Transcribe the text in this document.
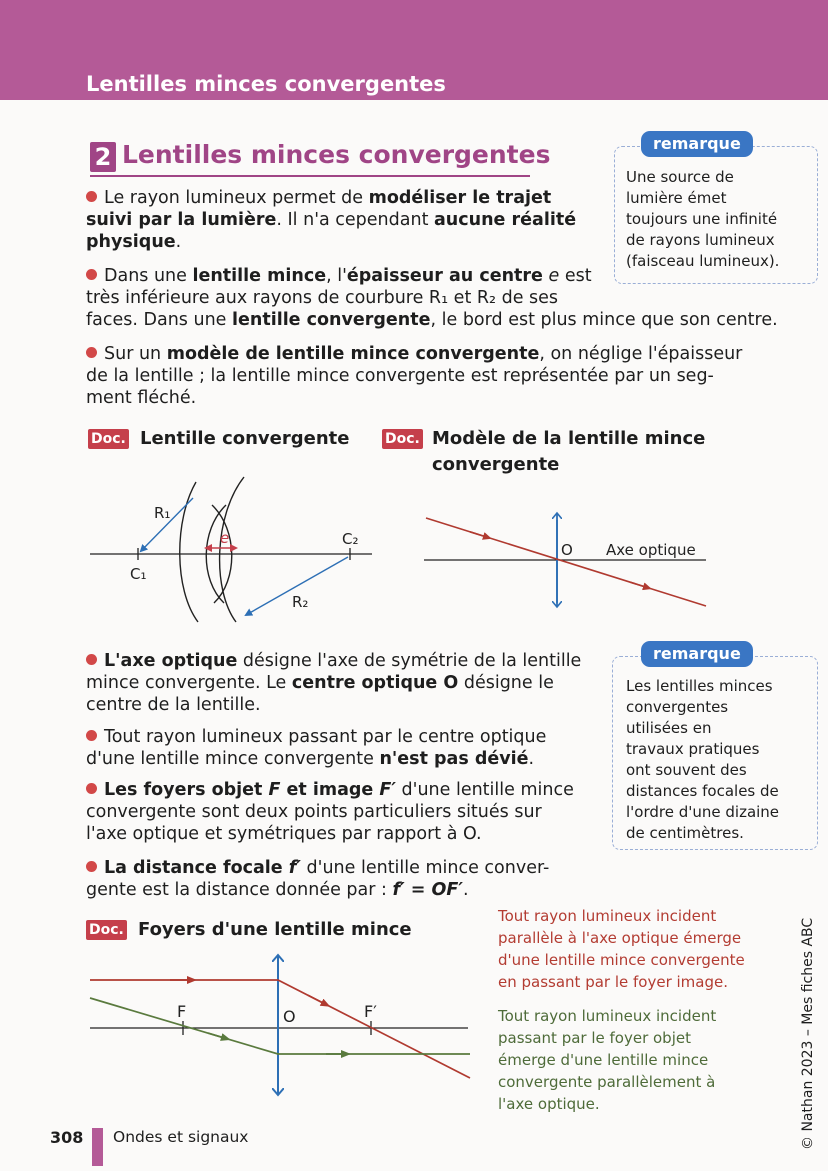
Lentilles minces convergentes
2 Lentilles minces convergentes
Le rayon lumineux permet de modéliser le trajet
suivi par la lumière. Il n'a cependant aucune réalité
physique.
Dans une lentille mince, l'épaisseur au centre e est
très inférieure aux rayons de courbure R₁ et R₂ de ses
faces. Dans une lentille convergente, le bord est plus mince que son centre.
Sur un modèle de lentille mince convergente, on néglige l'épaisseur
de la lentille ; la lentille mince convergente est représentée par un seg-
ment fléché.
L'axe optique désigne l'axe de symétrie de la lentille
mince convergente. Le centre optique O désigne le
centre de la lentille.
Tout rayon lumineux passant par le centre optique
d'une lentille mince convergente n'est pas dévié.
Les foyers objet F et image F′ d'une lentille mince
convergente sont deux points particuliers situés sur
l'axe optique et symétriques par rapport à O.
La distance focale f′ d'une lentille mince conver-
gente est la distance donnée par : f′ = OF′.
remarque
Une source de
lumière émet
toujours une infinité
de rayons lumineux
(faisceau lumineux).
remarque
Les lentilles minces
convergentes
utilisées en
travaux pratiques
ont souvent des
distances focales de
l'ordre d'une dizaine
de centimètres.
Doc. Lentille convergente	Doc. Modèle de la lentille mince
convergente
e
R₁
R₂
C₁
C₂
O Axe optique
Doc. Foyers d'une lentille mince
F	O	F′
Tout rayon lumineux incident
parallèle à l'axe optique émerge
d'une lentille mince convergente
en passant par le foyer image.
Tout rayon lumineux incident
passant par le foyer objet
émerge d'une lentille mince
convergente parallèlement à
l'axe optique.
308 Ondes et signaux	© Nathan 2023 – Mes fiches ABC
